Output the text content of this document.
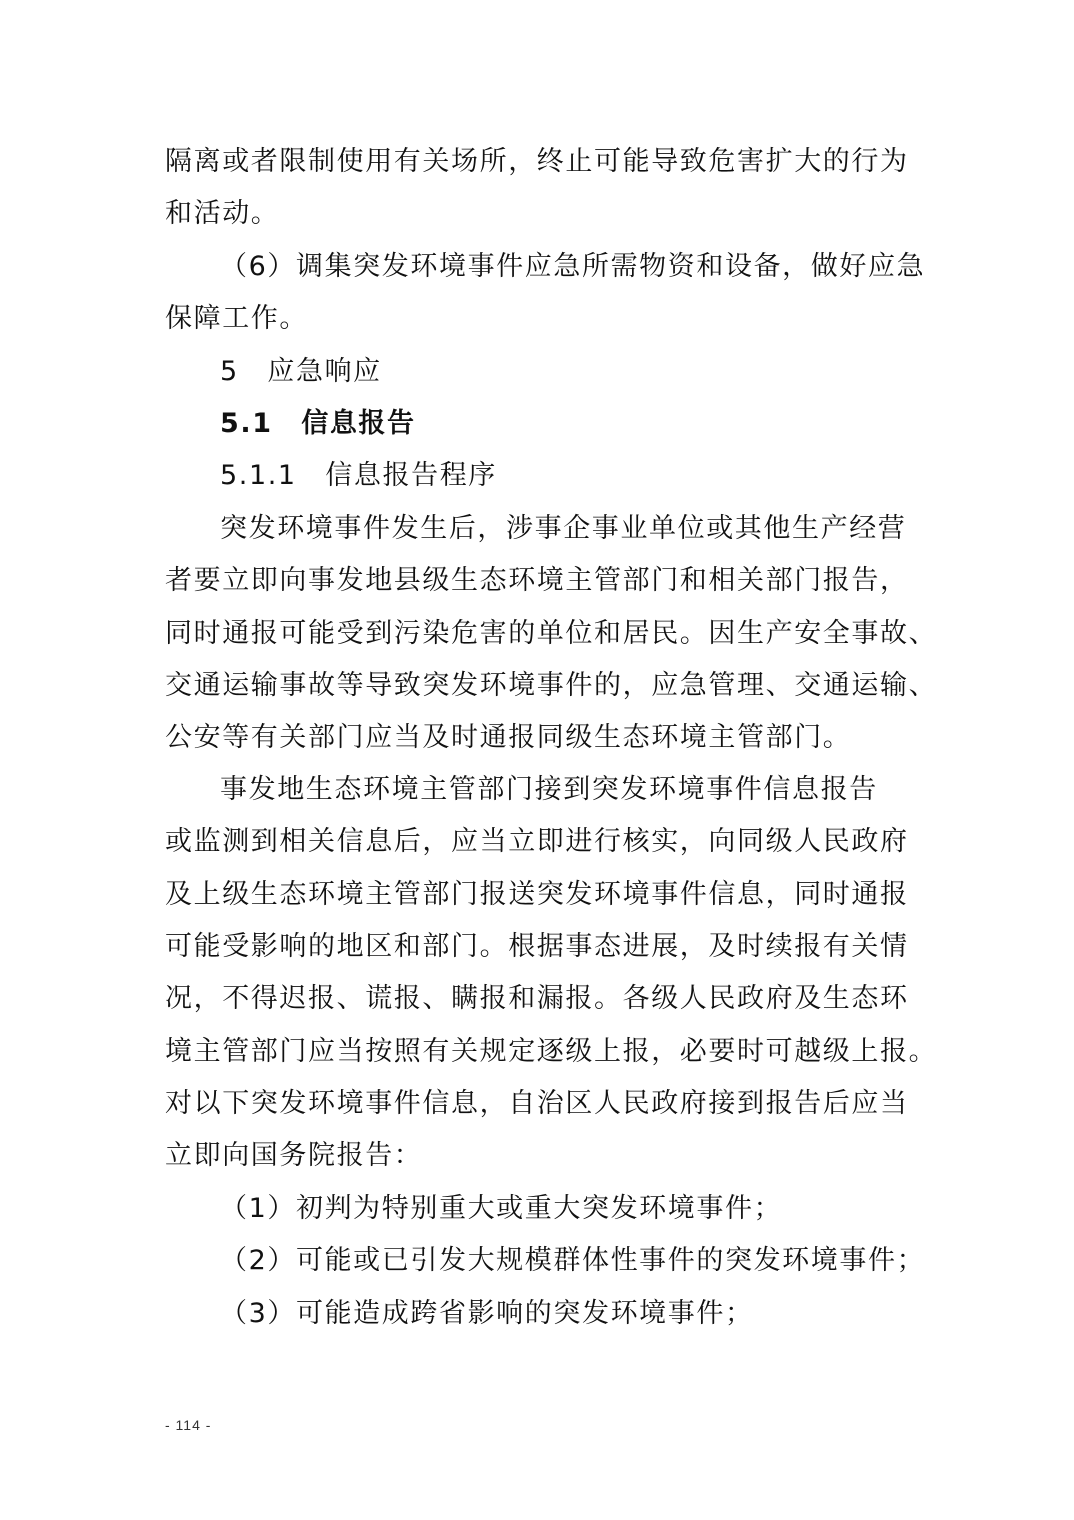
隔离或者限制使用有关场所，终止可能导致危害扩大的行为
和活动。
（6）调集突发环境事件应急所需物资和设备，做好应急
保障工作。
5　应急响应
5.1　信息报告
5.1.1　信息报告程序
突发环境事件发生后，涉事企事业单位或其他生产经营
者要立即向事发地县级生态环境主管部门和相关部门报告，
同时通报可能受到污染危害的单位和居民。因生产安全事故、
交通运输事故等导致突发环境事件的，应急管理、交通运输、
公安等有关部门应当及时通报同级生态环境主管部门。
事发地生态环境主管部门接到突发环境事件信息报告
或监测到相关信息后，应当立即进行核实，向同级人民政府
及上级生态环境主管部门报送突发环境事件信息，同时通报
可能受影响的地区和部门。根据事态进展，及时续报有关情
况，不得迟报、谎报、瞒报和漏报。各级人民政府及生态环
境主管部门应当按照有关规定逐级上报，必要时可越级上报。
对以下突发环境事件信息，自治区人民政府接到报告后应当
立即向国务院报告：
（1）初判为特别重大或重大突发环境事件；
（2）可能或已引发大规模群体性事件的突发环境事件；
（3）可能造成跨省影响的突发环境事件；
- 114 -
